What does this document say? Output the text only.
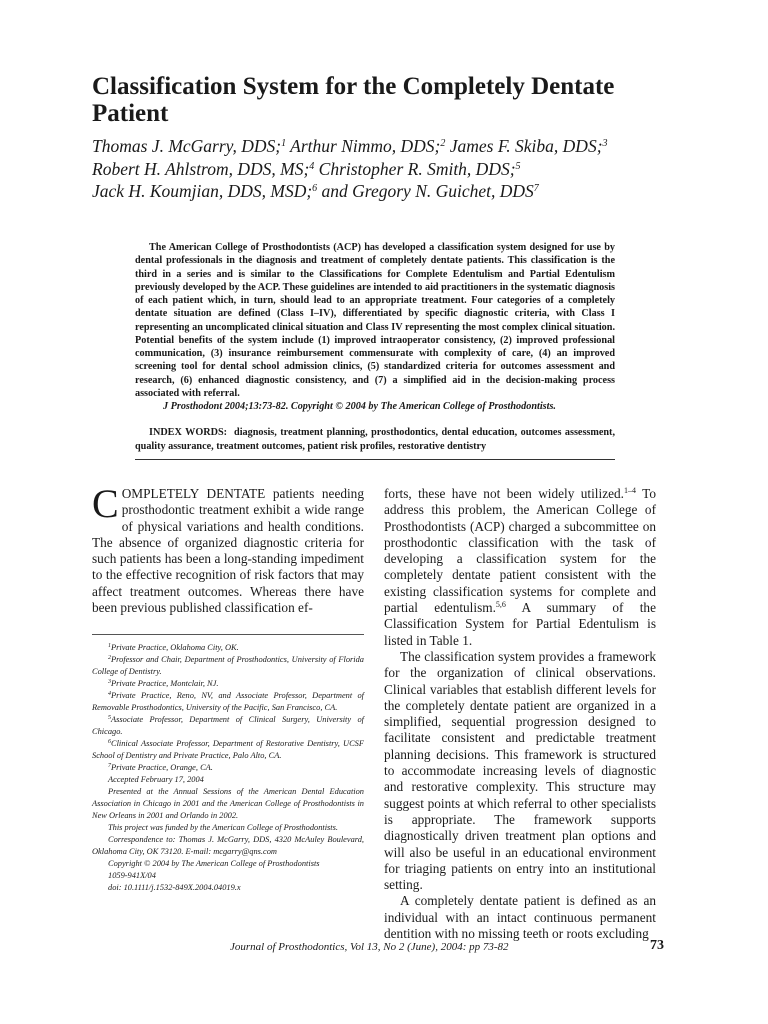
Classification System for the Completely Dentate Patient
Thomas J. McGarry, DDS;$^1$ Arthur Nimmo, DDS;$^2$ James F. Skiba, DDS;$^3$
Robert H. Ahlstrom, DDS, MS;$^4$ Christopher R. Smith, DDS;$^5$
Jack H. Koumjian, DDS, MSD;$^6$ and Gregory N. Guichet, DDS$^7$

The American College of Prosthodontists (ACP) has developed a classification system designed for use by dental professionals in the diagnosis and treatment of completely dentate patients. This classification is the third in a series and is similar to the Classifications for Complete Edentulism and Partial Edentulism previously developed by the ACP. These guidelines are intended to aid practitioners in the systematic diagnosis of each patient which, in turn, should lead to an appropriate treatment. Four categories of a completely dentate situation are defined (Class I–IV), differentiated by specific diagnostic criteria, with Class I representing an uncomplicated clinical situation and Class IV representing the most complex clinical situation. Potential benefits of the system include (1) improved intraoperator consistency, (2) improved professional communication, (3) insurance reimbursement commensurate with complexity of care, (4) an improved screening tool for dental school admission clinics, (5) standardized criteria for outcomes assessment and research, (6) enhanced diagnostic consistency, and (7) a simplified aid in the decision-making process associated with referral.

J Prosthodont 2004;13:73-82. Copyright © 2004 by The American College of Prosthodontists.

INDEX WORDS: diagnosis, treatment planning, prosthodontics, dental education, outcomes assessment, quality assurance, treatment outcomes, patient risk profiles, restorative dentistry

COMPLETELY DENTATE patients needing prosthodontic treatment exhibit a wide range of physical variations and health conditions. The absence of organized diagnostic criteria for such patients has been a long-standing impediment to the effective recognition of risk factors that may affect treatment outcomes. Whereas there have been previous published classification ef-

$^1$Private Practice, Oklahoma City, OK.

$^2$Professor and Chair, Department of Prosthodontics, University of Florida College of Dentistry.

$^3$Private Practice, Montclair, NJ.

$^4$Private Practice, Reno, NV, and Associate Professor, Department of Removable Prosthodontics, University of the Pacific, San Francisco, CA.

$^5$Associate Professor, Department of Clinical Surgery, University of Chicago.

$^6$Clinical Associate Professor, Department of Restorative Dentistry, UCSF School of Dentistry and Private Practice, Palo Alto, CA.

$^7$Private Practice, Orange, CA.

Accepted February 17, 2004

Presented at the Annual Sessions of the American Dental Education Association in Chicago in 2001 and the American College of Prosthodontists in New Orleans in 2001 and Orlando in 2002.

This project was funded by the American College of Prosthodontists.

Correspondence to: Thomas J. McGarry, DDS, 4320 McAuley Boulevard, Oklahoma City, OK 73120. E-mail: mcgarry@qns.com

Copyright © 2004 by The American College of Prosthodontists

1059-941X/04

doi: 10.1111/j.1532-849X.2004.04019.x

forts, these have not been widely utilized.$^{1-4}$ To address this problem, the American College of Prosthodontists (ACP) charged a subcommittee on prosthodontic classification with the task of developing a classification system for the completely dentate patient consistent with the existing classification systems for complete and partial edentulism.$^{5,6}$ A summary of the Classification System for Partial Edentulism is listed in Table 1.

The classification system provides a framework for the organization of clinical observations. Clinical variables that establish different levels for the completely dentate patient are organized in a simplified, sequential progression designed to facilitate consistent and predictable treatment planning decisions. This framework is structured to accommodate increasing levels of diagnostic and restorative complexity. This structure may suggest points at which referral to other specialists is appropriate. The framework supports diagnostically driven treatment plan options and will also be useful in an educational environment for triaging patients on entry into an institutional setting.

A completely dentate patient is defined as an individual with an intact continuous permanent dentition with no missing teeth or roots excluding

Journal of Prosthodontics, Vol 13, No 2 (June), 2004: pp 73-82	73
